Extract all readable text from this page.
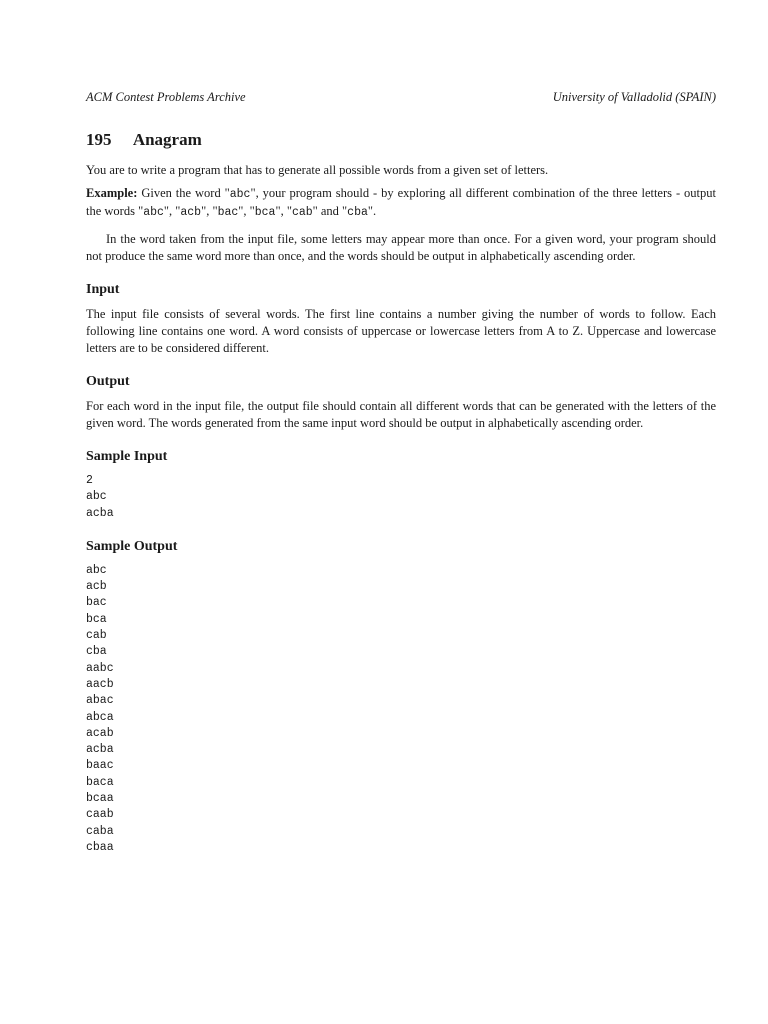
ACM Contest Problems Archive	University of Valladolid (SPAIN)
195 Anagram

You are to write a program that has to generate all possible words from a given set of letters.

Example: Given the word "abc", your program should - by exploring all different combination of the three letters - output the words "abc", "acb", "bac", "bca", "cab" and "cba".

In the word taken from the input file, some letters may appear more than once. For a given word, your program should not produce the same word more than once, and the words should be output in alphabetically ascending order.

Input

The input file consists of several words. The first line contains a number giving the number of words to follow. Each following line contains one word. A word consists of uppercase or lowercase letters from A to Z. Uppercase and lowercase letters are to be considered different.

Output

For each word in the input file, the output file should contain all different words that can be generated with the letters of the given word. The words generated from the same input word should be output in alphabetically ascending order.

Sample Input
2
abc
acba
Sample Output
abc
acb
bac
bca
cab
cba
aabc
aacb
abac
abca
acab
acba
baac
baca
bcaa
caab
caba
cbaa
